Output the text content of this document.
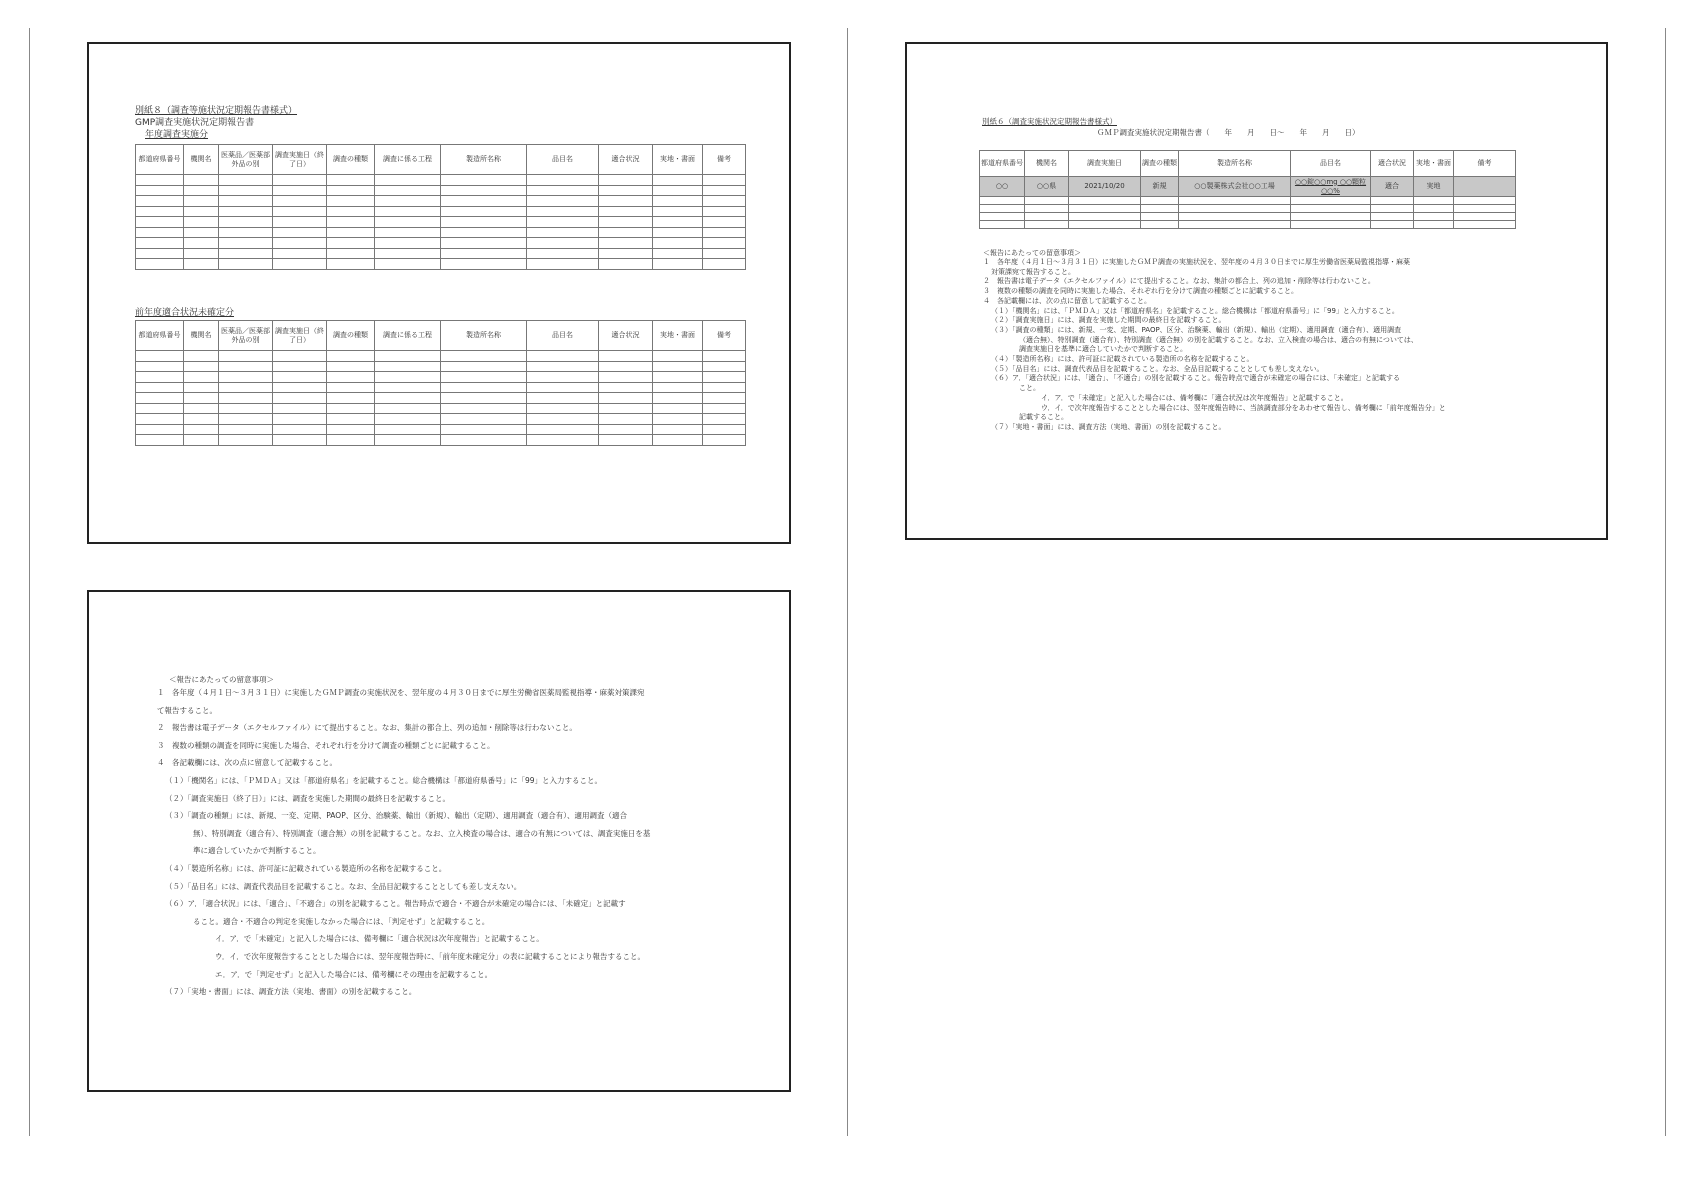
別紙８（調査等施状況定期報告書様式）
GMP調査実施状況定期報告書
年度調査実施分
都道府県番号	機関名	医薬品／医薬部外品の別	調査実施日（終了日）	調査の種類	調査に係る工程	製造所名称	品目名	適合状況	実地・書面	備考

前年度適合状況未確定分
都道府県番号	機関名	医薬品／医薬部外品の別	調査実施日（終了日）	調査の種類	調査に係る工程	製造所名称	品目名	適合状況	実地・書面	備考

＜報告にあたっての留意事項＞
１　各年度（４月１日～３月３１日）に実施したＧＭＰ調査の実施状況を、翌年度の４月３０日までに厚生労働省医薬局監視指導・麻薬対策課宛
て報告すること。
２　報告書は電子データ（エクセルファイル）にて提出すること。なお、集計の都合上、列の追加・削除等は行わないこと。
３　複数の種類の調査を同時に実施した場合、それぞれ行を分けて調査の種類ごとに記載すること。
４　各記載欄には、次の点に留意して記載すること。
（１）「機関名」には、「ＰＭＤＡ」又は「都道府県名」を記載すること。総合機構は「都道府県番号」に「99」と入力すること。
（２）「調査実施日（終了日）」には、調査を実施した期間の最終日を記載すること。
（３）「調査の種類」には、新規、一変、定期、PAOP、区分、治験薬、輸出（新規）、輸出（定期）、適用調査（適合有）、適用調査（適合
無）、特別調査（適合有）、特別調査（適合無）の別を記載すること。なお、立入検査の場合は、適合の有無については、調査実施日を基
準に適合していたかで判断すること。
（４）「製造所名称」には、許可証に記載されている製造所の名称を記載すること。
（５）「品目名」には、調査代表品目を記載すること。なお、全品目記載することとしても差し支えない。
（６）ア．「適合状況」には、「適合」、「不適合」の別を記載すること。報告時点で適合・不適合が未確定の場合には、「未確定」と記載す
ること。適合・不適合の判定を実施しなかった場合には、「判定せず」と記載すること。
イ．ア．で「未確定」と記入した場合には、備考欄に「適合状況は次年度報告」と記載すること。
ウ．イ．で次年度報告することとした場合には、翌年度報告時に、「前年度未確定分」の表に記載することにより報告すること。
エ．ア．で「判定せず」と記入した場合には、備考欄にその理由を記載すること。
（７）「実地・書面」には、調査方法（実地、書面）の別を記載すること。
別紙６（調査実施状況定期報告書様式）
ＧＭＰ調査実施状況定期報告書（　　年　　月　　日～　　年　　月　　日）
都道府県番号	機関名	調査実施日	調査の種類	製造所名称	品目名	適合状況	実地・書面	備考
○○	○○県	2021/10/20	新規	○○製薬株式会社○○工場	○○錠○○mg ○○顆粒○○%	適合	実地	

＜報告にあたっての留意事項＞
１　各年度（４月１日～３月３１日）に実施したＧＭＰ調査の実施状況を、翌年度の４月３０日までに厚生労働省医薬局監視指導・麻薬
対策課宛て報告すること。
２　報告書は電子データ（エクセルファイル）にて提出すること。なお、集計の都合上、列の追加・削除等は行わないこと。
３　複数の種類の調査を同時に実施した場合、それぞれ行を分けて調査の種類ごとに記載すること。
４　各記載欄には、次の点に留意して記載すること。
（１）「機関名」には、「ＰＭＤＡ」又は「都道府県名」を記載すること。総合機構は「都道府県番号」に「99」と入力すること。
（２）「調査実施日」には、調査を実施した期間の最終日を記載すること。
（３）「調査の種類」には、新規、一変、定期、PAOP、区分、治験薬、輸出（新規）、輸出（定期）、適用調査（適合有）、適用調査
（適合無）、特別調査（適合有）、特別調査（適合無）の別を記載すること。なお、立入検査の場合は、適合の有無については、
調査実施日を基準に適合していたかで判断すること。
（４）「製造所名称」には、許可証に記載されている製造所の名称を記載すること。
（５）「品目名」には、調査代表品目を記載すること。なお、全品目記載することとしても差し支えない。
（６）ア．「適合状況」には、「適合」、「不適合」の別を記載すること。報告時点で適合が未確定の場合には、「未確定」と記載する
こと。
イ．ア．で「未確定」と記入した場合には、備考欄に「適合状況は次年度報告」と記載すること。
ウ．イ．で次年度報告することとした場合には、翌年度報告時に、当該調査部分をあわせて報告し、備考欄に「前年度報告分」と
記載すること。
（７）「実地・書面」には、調査方法（実地、書面）の別を記載すること。
